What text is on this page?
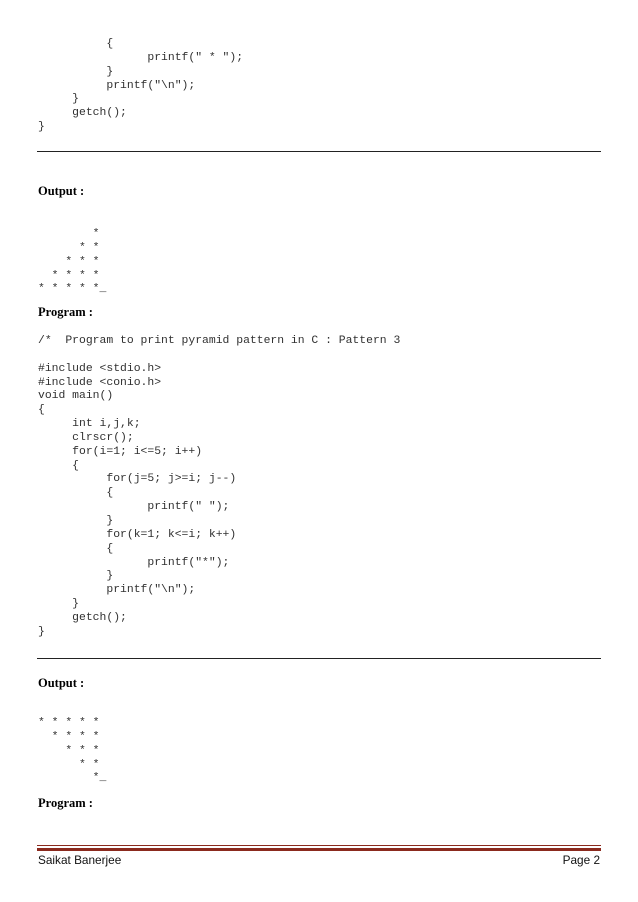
{
printf(" * ");
}
printf("\n");
}
getch();
}

Output :

*
* *
* * *
* * * *
* * * * *_

Program :

/*  Program to print pyramid pattern in C : Pattern 3
#include <stdio.h>
#include <conio.h>
void main()
{
int i,j,k;
clrscr();
for(i=1; i<=5; i++)
{
for(j=5; j>=i; j--)
{
printf(" ");
}
for(k=1; k<=i; k++)
{
printf("*");
}
printf("\n");
}
getch();
}

Output :

* * * * *
* * * *
* * *
* *
*_

Program :

Saikat Banerjee	Page 2
